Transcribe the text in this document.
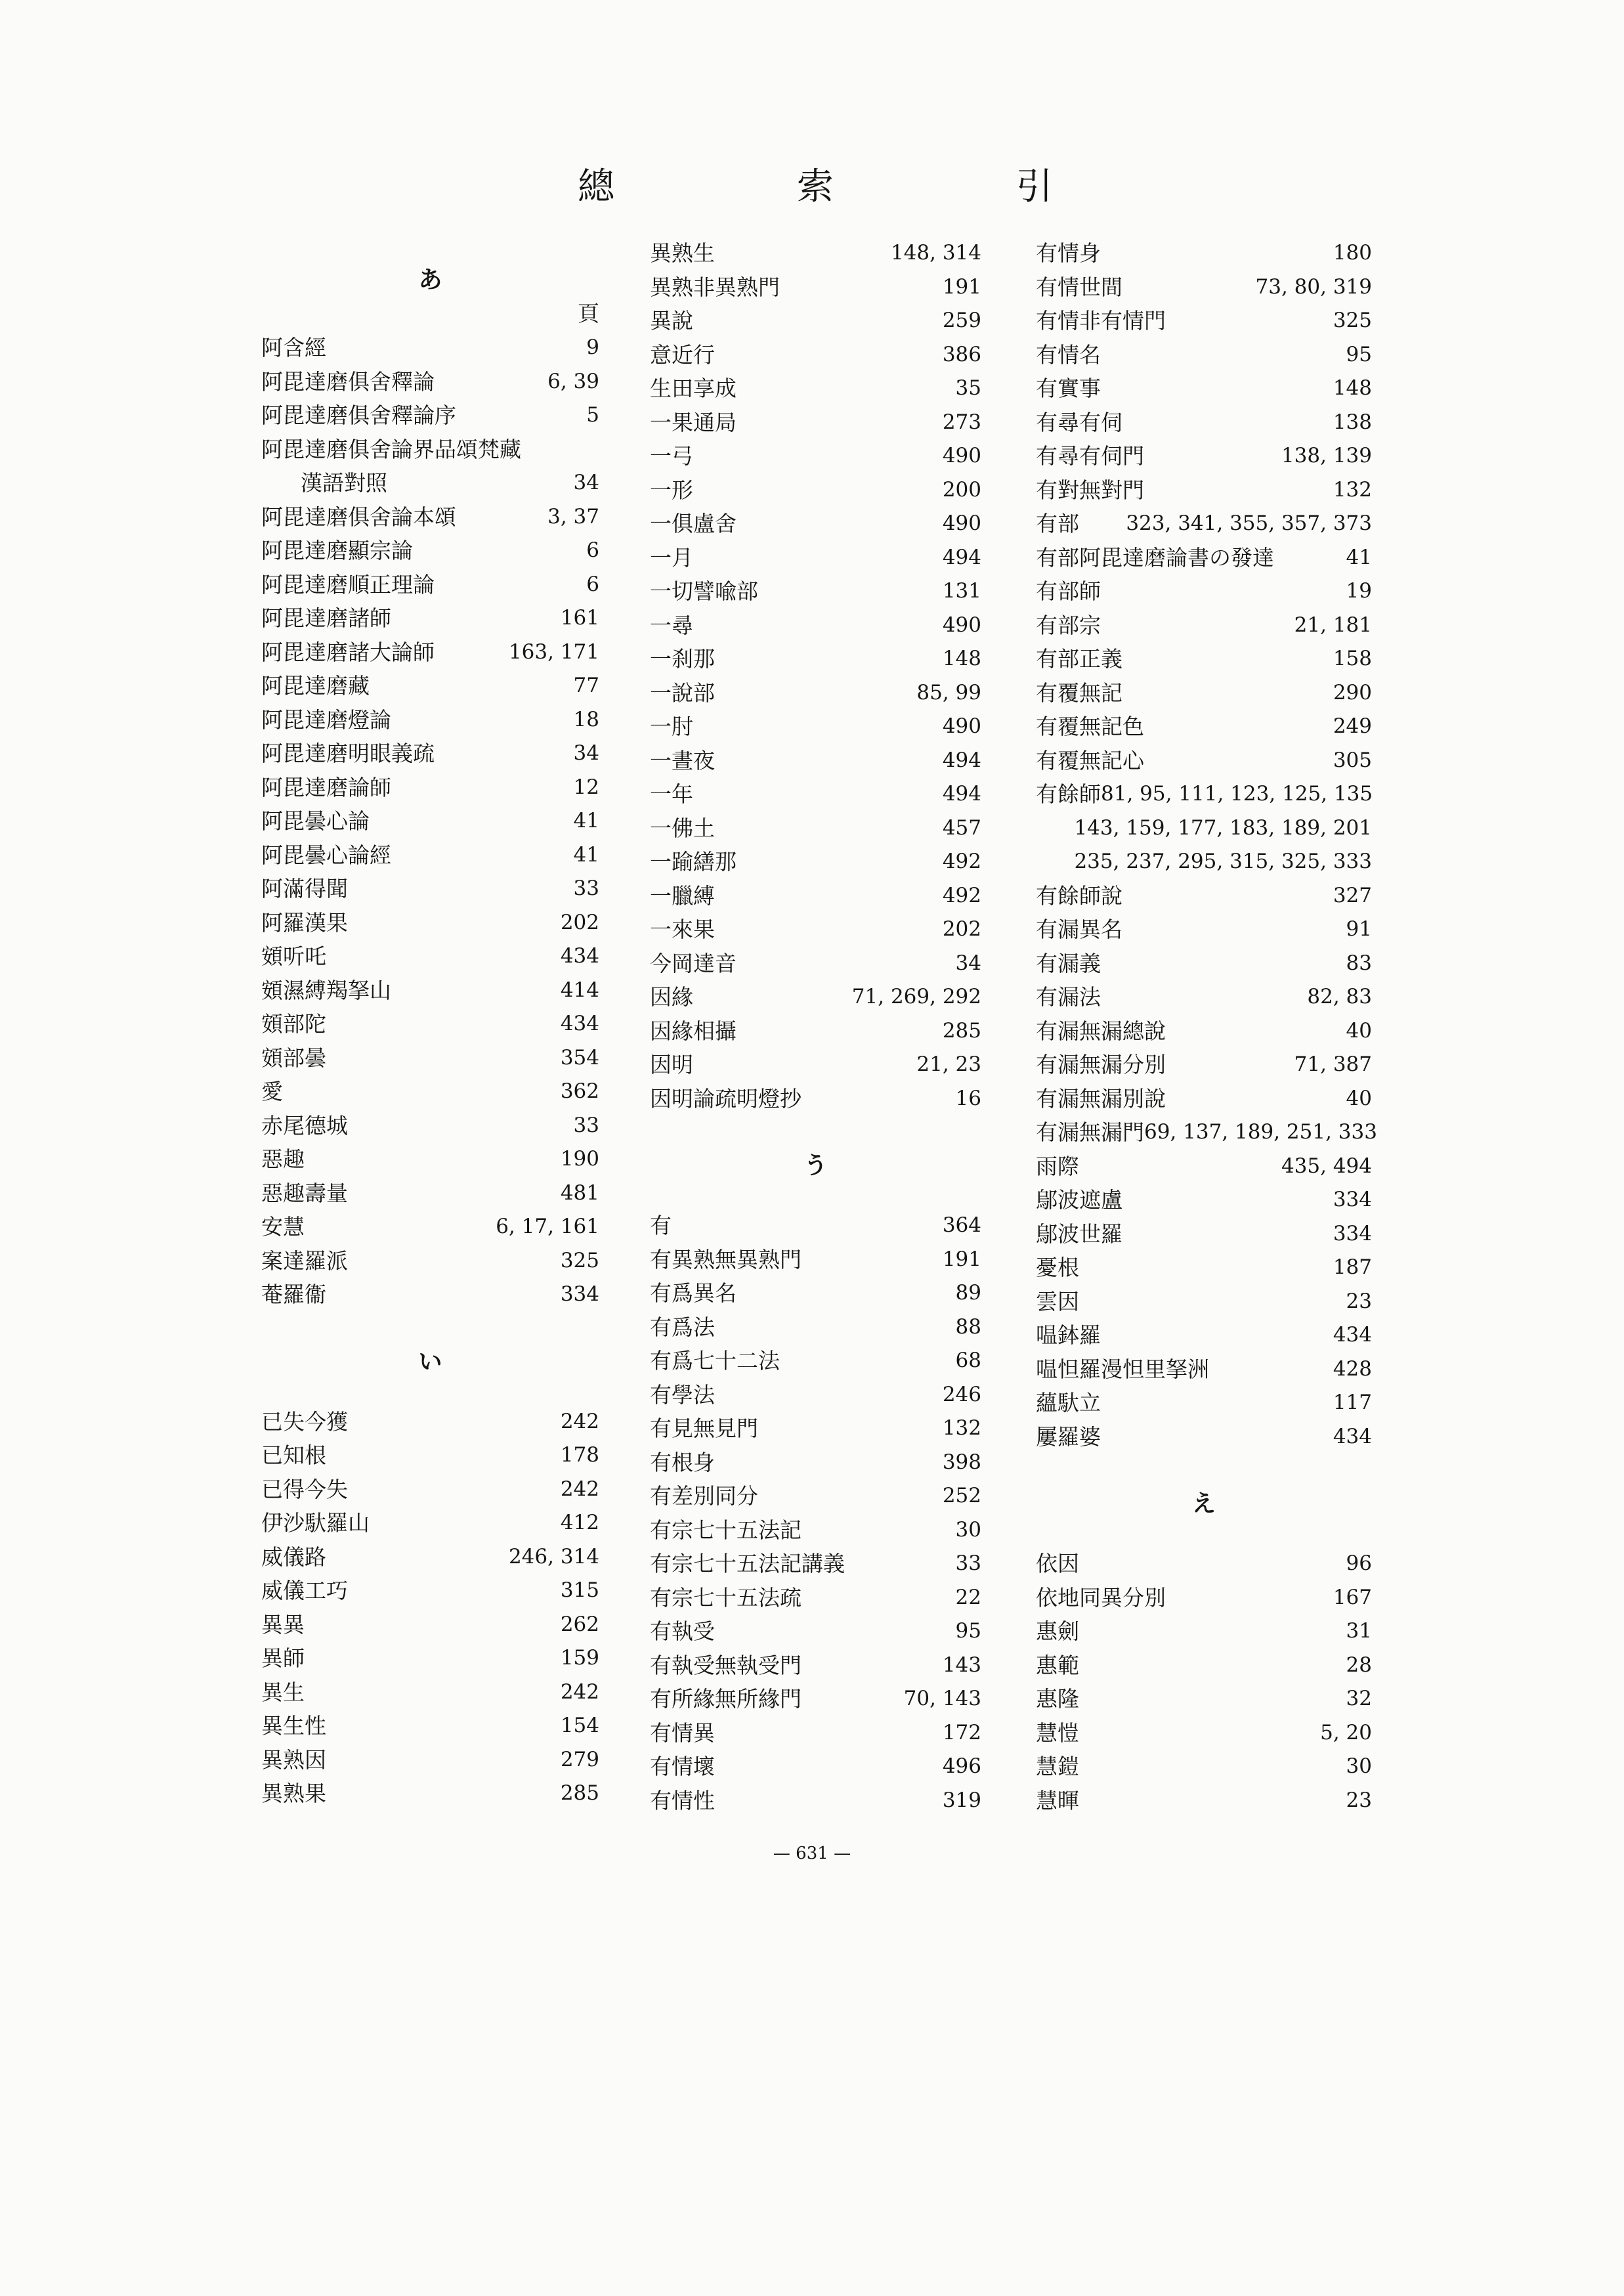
總 索 引
あ
頁
阿含經	9
阿毘達磨俱舍釋論	6, 39
阿毘達磨俱舍釋論序	5
阿毘達磨俱舍論界品頌梵藏
漢語對照	34
阿毘達磨俱舍論本頌	3, 37
阿毘達磨顯宗論	6
阿毘達磨順正理論	6
阿毘達磨諸師	161
阿毘達磨諸大論師	163, 171
阿毘達磨藏	77
阿毘達磨燈論	18
阿毘達磨明眼義疏	34
阿毘達磨論師	12
阿毘曇心論	41
阿毘曇心論經	41
阿滿得聞	33
阿羅漢果	202
頞听吒	434
頞濕縛羯拏山	414
頞部陀	434
頞部曇	354
愛	362
赤尾德城	33
惡趣	190
惡趣壽量	481
安慧	6, 17, 161
案達羅派	325
菴羅衞	334
い
已失今獲	242
已知根	178
已得今失	242
伊沙馱羅山	412
威儀路	246, 314
威儀工巧	315
異異	262
異師	159
異生	242
異生性	154
異熟因	279
異熟果	285
異熟生	148, 314
異熟非異熟門	191
異說	259
意近行	386
生田享成	35
一果通局	273
一弓	490
一形	200
一俱盧舍	490
一月	494
一切譬喩部	131
一尋	490
一刹那	148
一說部	85, 99
一肘	490
一晝夜	494
一年	494
一佛土	457
一踰繕那	492
一臘縛	492
一來果	202
今岡達音	34
因緣	71, 269, 292
因緣相攝	285
因明	21, 23
因明論疏明燈抄	16
う
有	364
有異熟無異熟門	191
有爲異名	89
有爲法	88
有爲七十二法	68
有學法	246
有見無見門	132
有根身	398
有差別同分	252
有宗七十五法記	30
有宗七十五法記講義	33
有宗七十五法疏	22
有執受	95
有執受無執受門	143
有所緣無所緣門	70, 143
有情異	172
有情壞	496
有情性	319
有情身	180
有情世間	73, 80, 319
有情非有情門	325
有情名	95
有實事	148
有尋有伺	138
有尋有伺門	138, 139
有對無對門	132
有部 323, 341, 355, 357, 373
有部阿毘達磨論書の發達	41
有部師	19
有部宗	21, 181
有部正義	158
有覆無記	290
有覆無記色	249
有覆無記心	305
有餘師 81, 95, 111, 123, 125, 135
143, 159, 177, 183, 189, 201
235, 237, 295, 315, 325, 333
有餘師說	327
有漏異名	91
有漏義	83
有漏法	82, 83
有漏無漏總說	40
有漏無漏分別	71, 387
有漏無漏別說	40
有漏無漏門 69, 137, 189, 251, 333
雨際	435, 494
鄔波遮盧	334
鄔波世羅	334
憂根	187
雲因	23
嗢鉢羅	434
嗢怛羅漫怛里拏洲	428
蘊馱立	117
屢羅婆	434
え
依因	96
依地同異分別	167
惠劍	31
惠範	28
惠隆	32
慧愷	5, 20
慧鎧	30
慧暉	23
— 631 —
